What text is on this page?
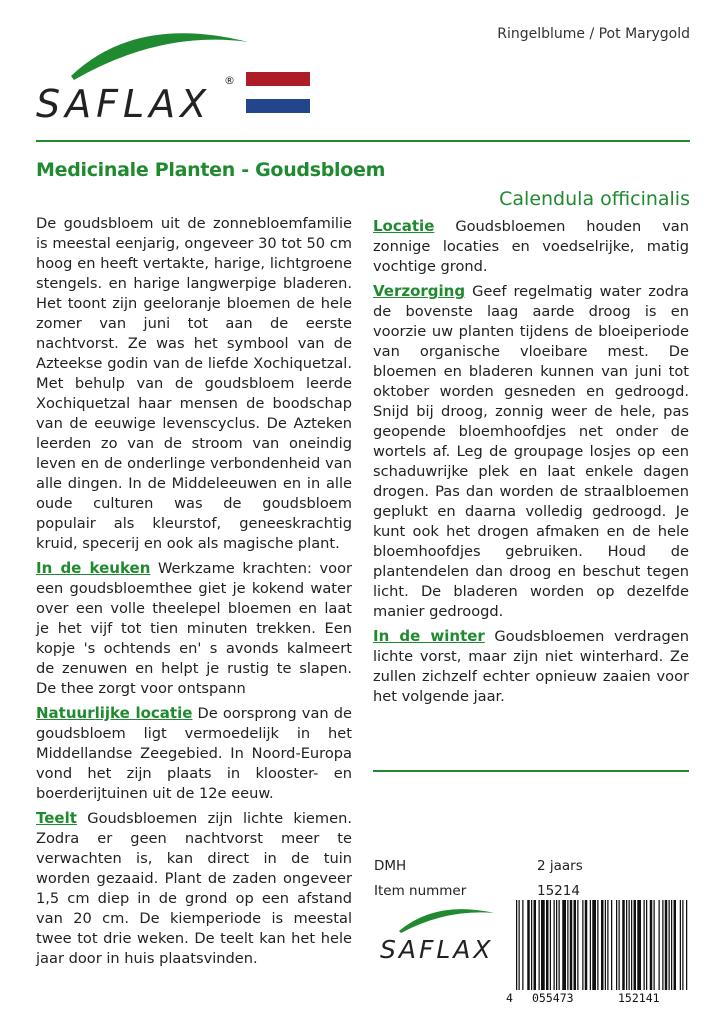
SAFLAX
®
Ringelblume / Pot Marygold
Medicinale Planten - Goudsbloem
Calendula officinalis

De goudsbloem uit de zonnebloemfamilie is meestal eenjarig, ongeveer 30 tot 50 cm hoog en heeft vertakte, harige, lichtgroene stengels. en harige langwerpige bladeren. Het toont zijn geeloranje bloemen de hele zomer van juni tot aan de eerste nachtvorst. Ze was het symbool van de Azteekse godin van de liefde Xochiquetzal. Met behulp van de goudsbloem leerde Xochiquetzal haar mensen de boodschap van de eeuwige levenscyclus. De Azteken leerden zo van de stroom van oneindig leven en de onderlinge verbondenheid van alle dingen. In de Middeleeuwen en in alle oude culturen was de goudsbloem populair als kleurstof, geneeskrachtig kruid, specerij en ook als magische plant.

In de keuken Werkzame krachten: voor een goudsbloemthee giet je kokend water over een volle theelepel bloemen en laat je het vijf tot tien minuten trekken. Een kopje 's ochtends en' s avonds kalmeert de zenuwen en helpt je rustig te slapen. De thee zorgt voor ontspann

Natuurlijke locatie De oorsprong van de goudsbloem ligt vermoedelijk in het Middellandse Zeegebied. In Noord-Europa vond het zijn plaats in klooster- en boerderijtuinen uit de 12e eeuw.

Teelt Goudsbloemen zijn lichte kiemen. Zodra er geen nachtvorst meer te verwachten is, kan direct in de tuin worden gezaaid. Plant de zaden ongeveer 1,5 cm diep in de grond op een afstand van 20 cm. De kiemperiode is meestal twee tot drie weken. De teelt kan het hele jaar door in huis plaatsvinden.

Locatie Goudsbloemen houden van zonnige locaties en voedselrijke, matig vochtige grond.

Verzorging Geef regelmatig water zodra de bovenste laag aarde droog is en voorzie uw planten tijdens de bloeiperiode van organische vloeibare mest. De bloemen en bladeren kunnen van juni tot oktober worden gesneden en gedroogd. Snijd bij droog, zonnig weer de hele, pas geopende bloemhoofdjes net onder de wortels af. Leg de groupage losjes op een schaduwrijke plek en laat enkele dagen drogen. Pas dan worden de straalbloemen geplukt en daarna volledig gedroogd. Je kunt ook het drogen afmaken en de hele bloemhoofdjes gebruiken. Houd de plantendelen dan droog en beschut tegen licht. De bladeren worden op dezelfde manier gedroogd.

In de winter Goudsbloemen verdragen lichte vorst, maar zijn niet winterhard. Ze zullen zichzelf echter opnieuw zaaien voor het volgende jaar.

DMH	2 jaars
Item nummer	15214
SAFLAX
4 055473	152141
